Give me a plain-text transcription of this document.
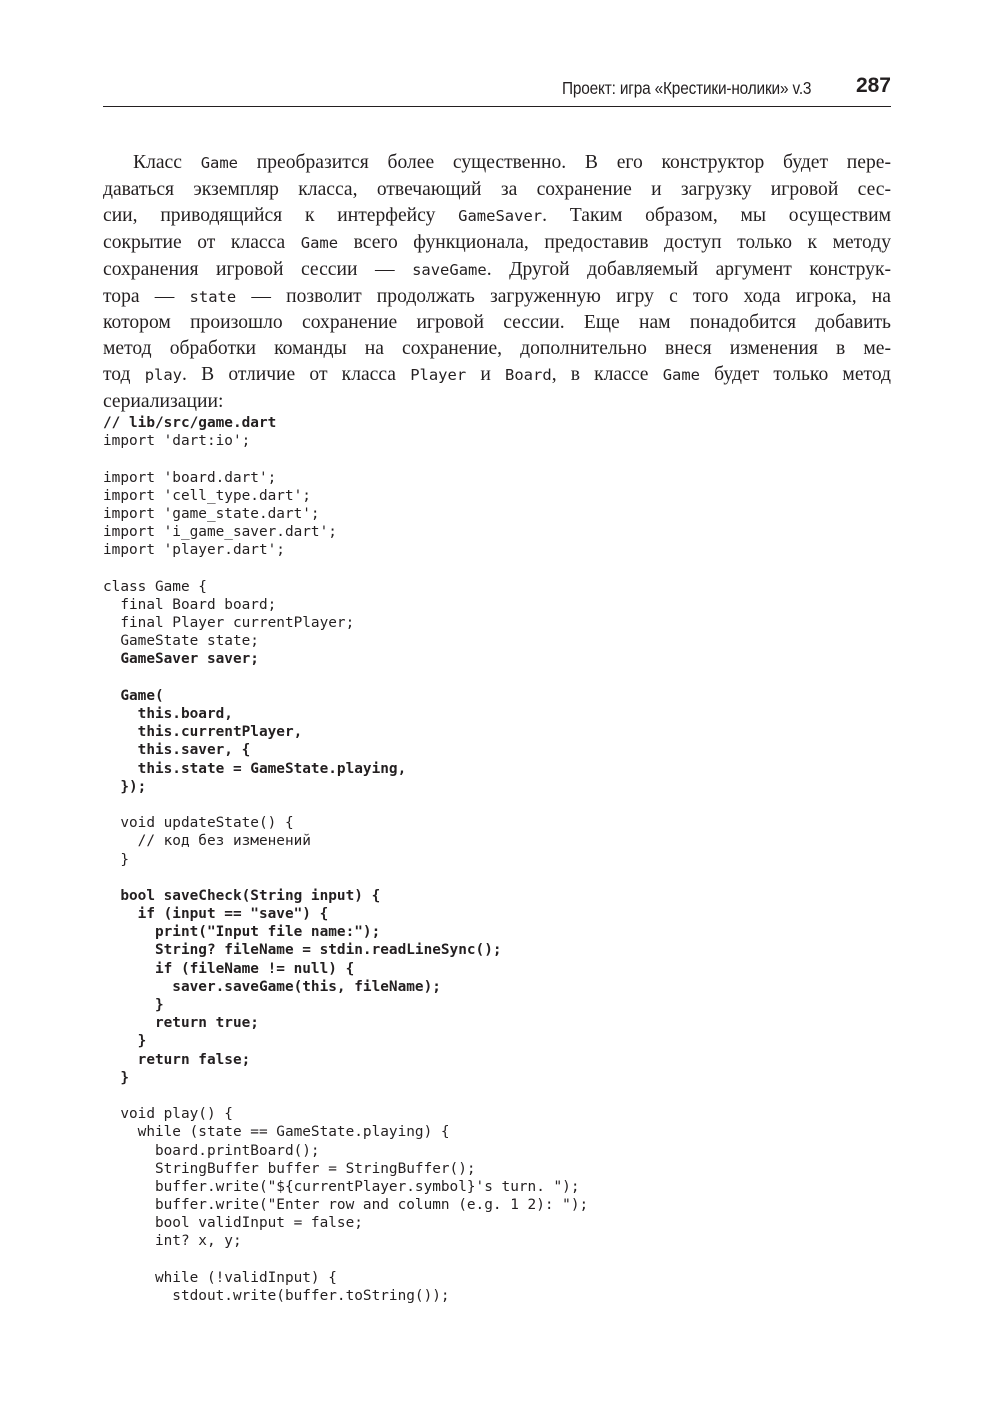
Проект: игра «Крестики-нолики» v.3 287
Класс Game преобразится более существенно. В его конструктор будет пере-
даваться экземпляр класса, отвечающий за сохранение и загрузку игровой сес-
сии, приводящийся к интерфейсу GameSaver. Таким образом, мы осуществим
сокрытие от класса Game всего функционала, предоставив доступ только к методу
сохранения игровой сессии — saveGame. Другой добавляемый аргумент конструк-
тора — state — позволит продолжать загруженную игру с того хода игрока, на
котором произошло сохранение игровой сессии. Еще нам понадобится добавить
метод обработки команды на сохранение, дополнительно внеся изменения в ме-
тод play. В отличие от класса Player и Board, в классе Game будет только метод
сериализации:
// lib/src/game.dart
import 'dart:io';
import 'board.dart';
import 'cell_type.dart';
import 'game_state.dart';
import 'i_game_saver.dart';
import 'player.dart';
class Game {
final Board board;
final Player currentPlayer;
GameState state;
GameSaver saver;
Game(
this.board,
this.currentPlayer,
this.saver, {
this.state = GameState.playing,
});
void updateState() {
// код без изменений
}
bool saveCheck(String input) {
if (input == "save") {
print("Input file name:");
String? fileName = stdin.readLineSync();
if (fileName != null) {
saver.saveGame(this, fileName);
}
return true;
}
return false;
}
void play() {
while (state == GameState.playing) {
board.printBoard();
StringBuffer buffer = StringBuffer();
buffer.write("${currentPlayer.symbol}'s turn. ");
buffer.write("Enter row and column (e.g. 1 2): ");
bool validInput = false;
int? x, y;
while (!validInput) {
stdout.write(buffer.toString());
